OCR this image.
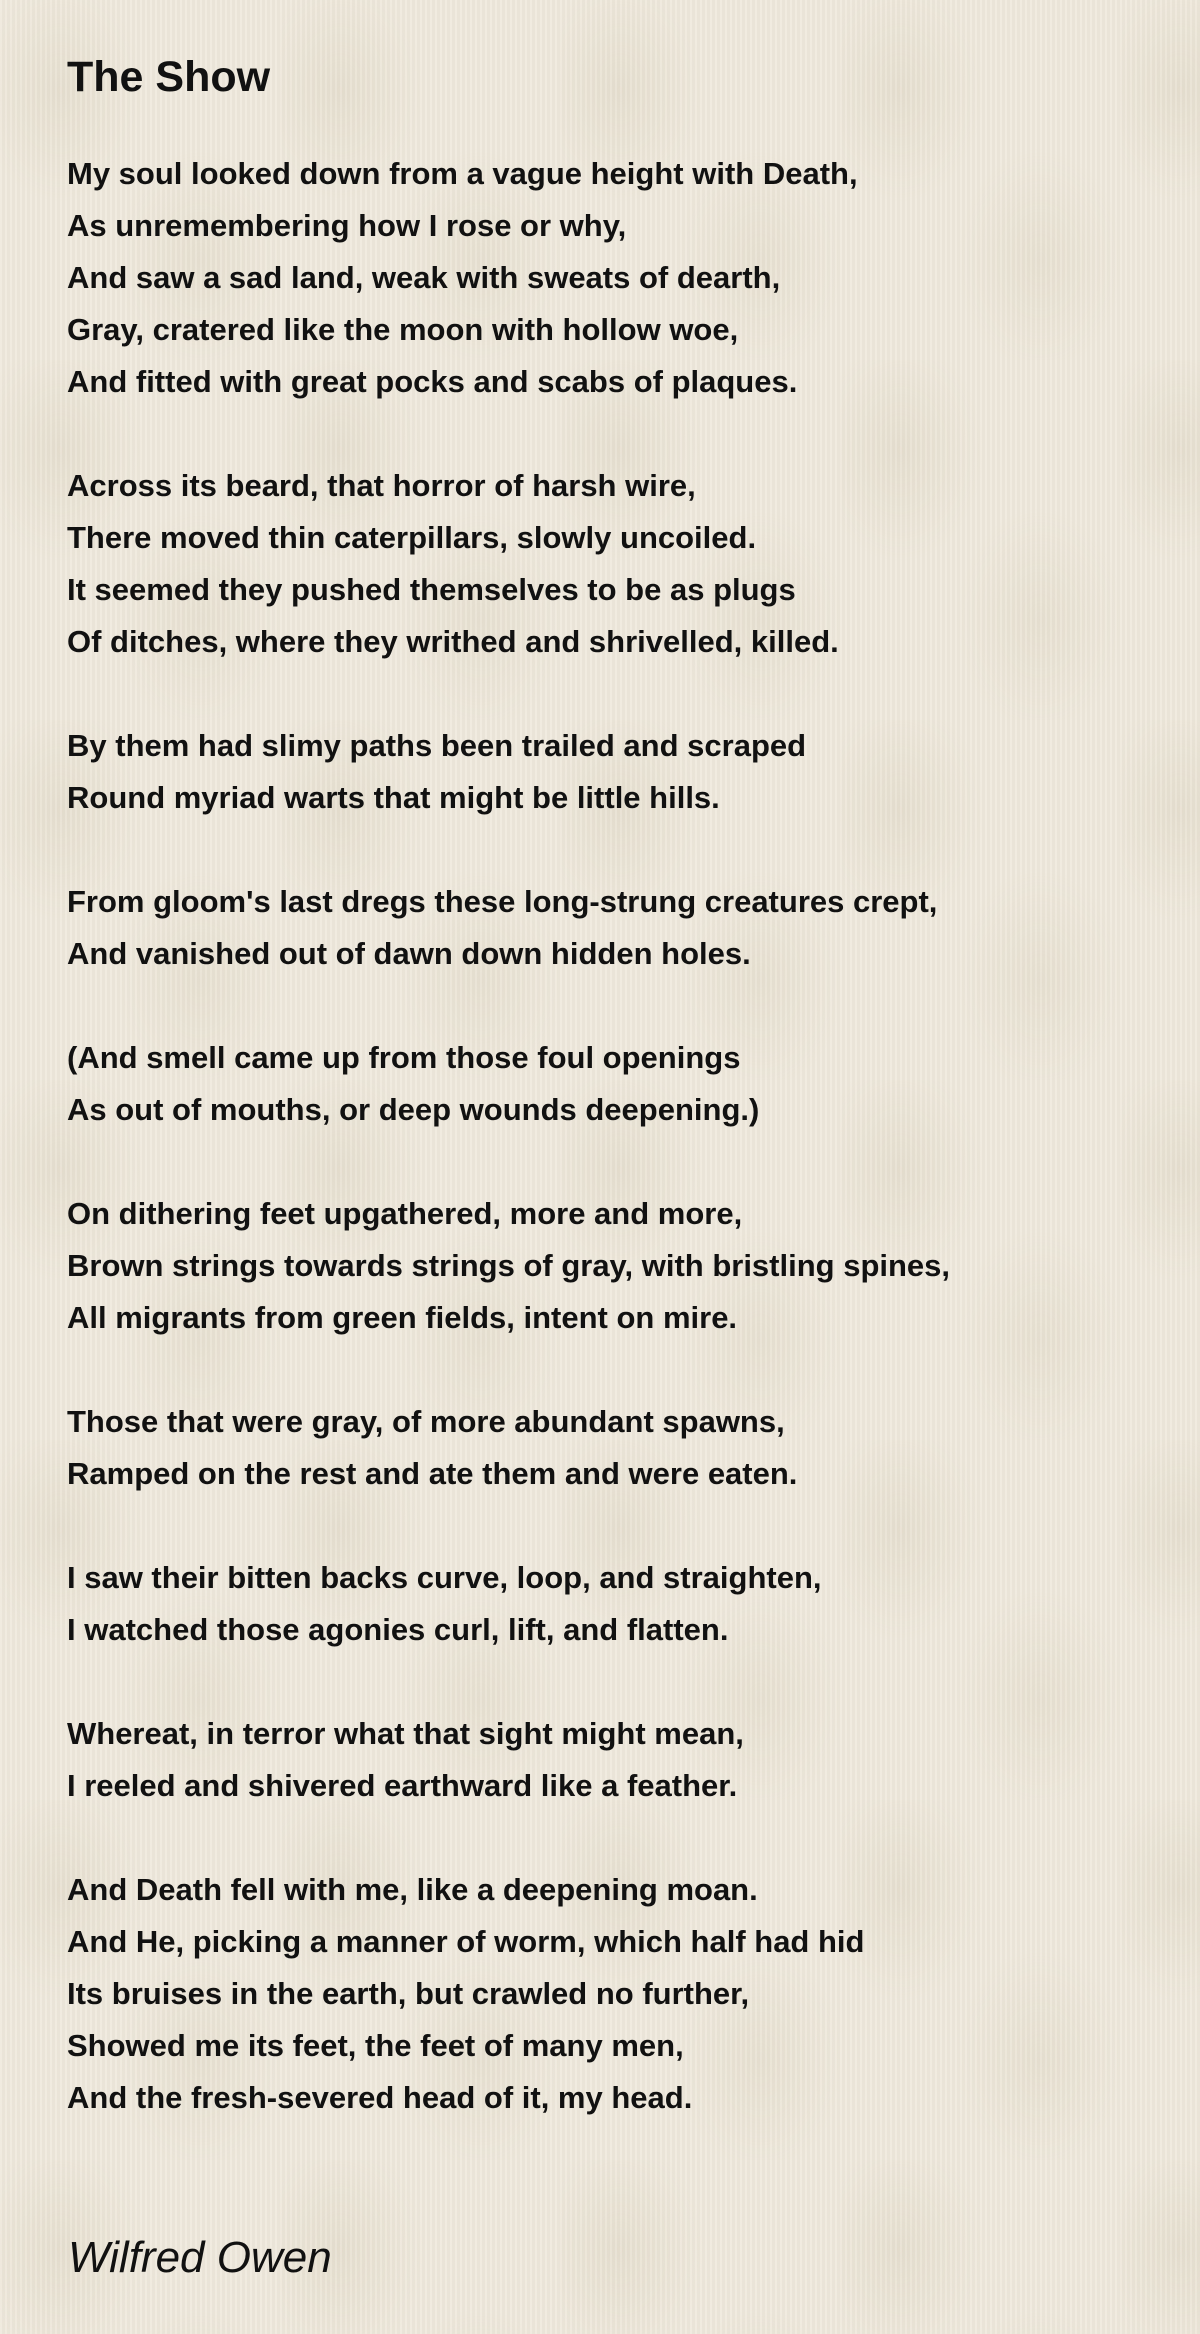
The Show
My soul looked down from a vague height with Death,
As unremembering how I rose or why,
And saw a sad land, weak with sweats of dearth,
Gray, cratered like the moon with hollow woe,
And fitted with great pocks and scabs of plaques.
Across its beard, that horror of harsh wire,
There moved thin caterpillars, slowly uncoiled.
It seemed they pushed themselves to be as plugs
Of ditches, where they writhed and shrivelled, killed.
By them had slimy paths been trailed and scraped
Round myriad warts that might be little hills.
From gloom's last dregs these long-strung creatures crept,
And vanished out of dawn down hidden holes.
(And smell came up from those foul openings
As out of mouths, or deep wounds deepening.)
On dithering feet upgathered, more and more,
Brown strings towards strings of gray, with bristling spines,
All migrants from green fields, intent on mire.
Those that were gray, of more abundant spawns,
Ramped on the rest and ate them and were eaten.
I saw their bitten backs curve, loop, and straighten,
I watched those agonies curl, lift, and flatten.
Whereat, in terror what that sight might mean,
I reeled and shivered earthward like a feather.
And Death fell with me, like a deepening moan.
And He, picking a manner of worm, which half had hid
Its bruises in the earth, but crawled no further,
Showed me its feet, the feet of many men,
And the fresh-severed head of it, my head.

Wilfred Owen
